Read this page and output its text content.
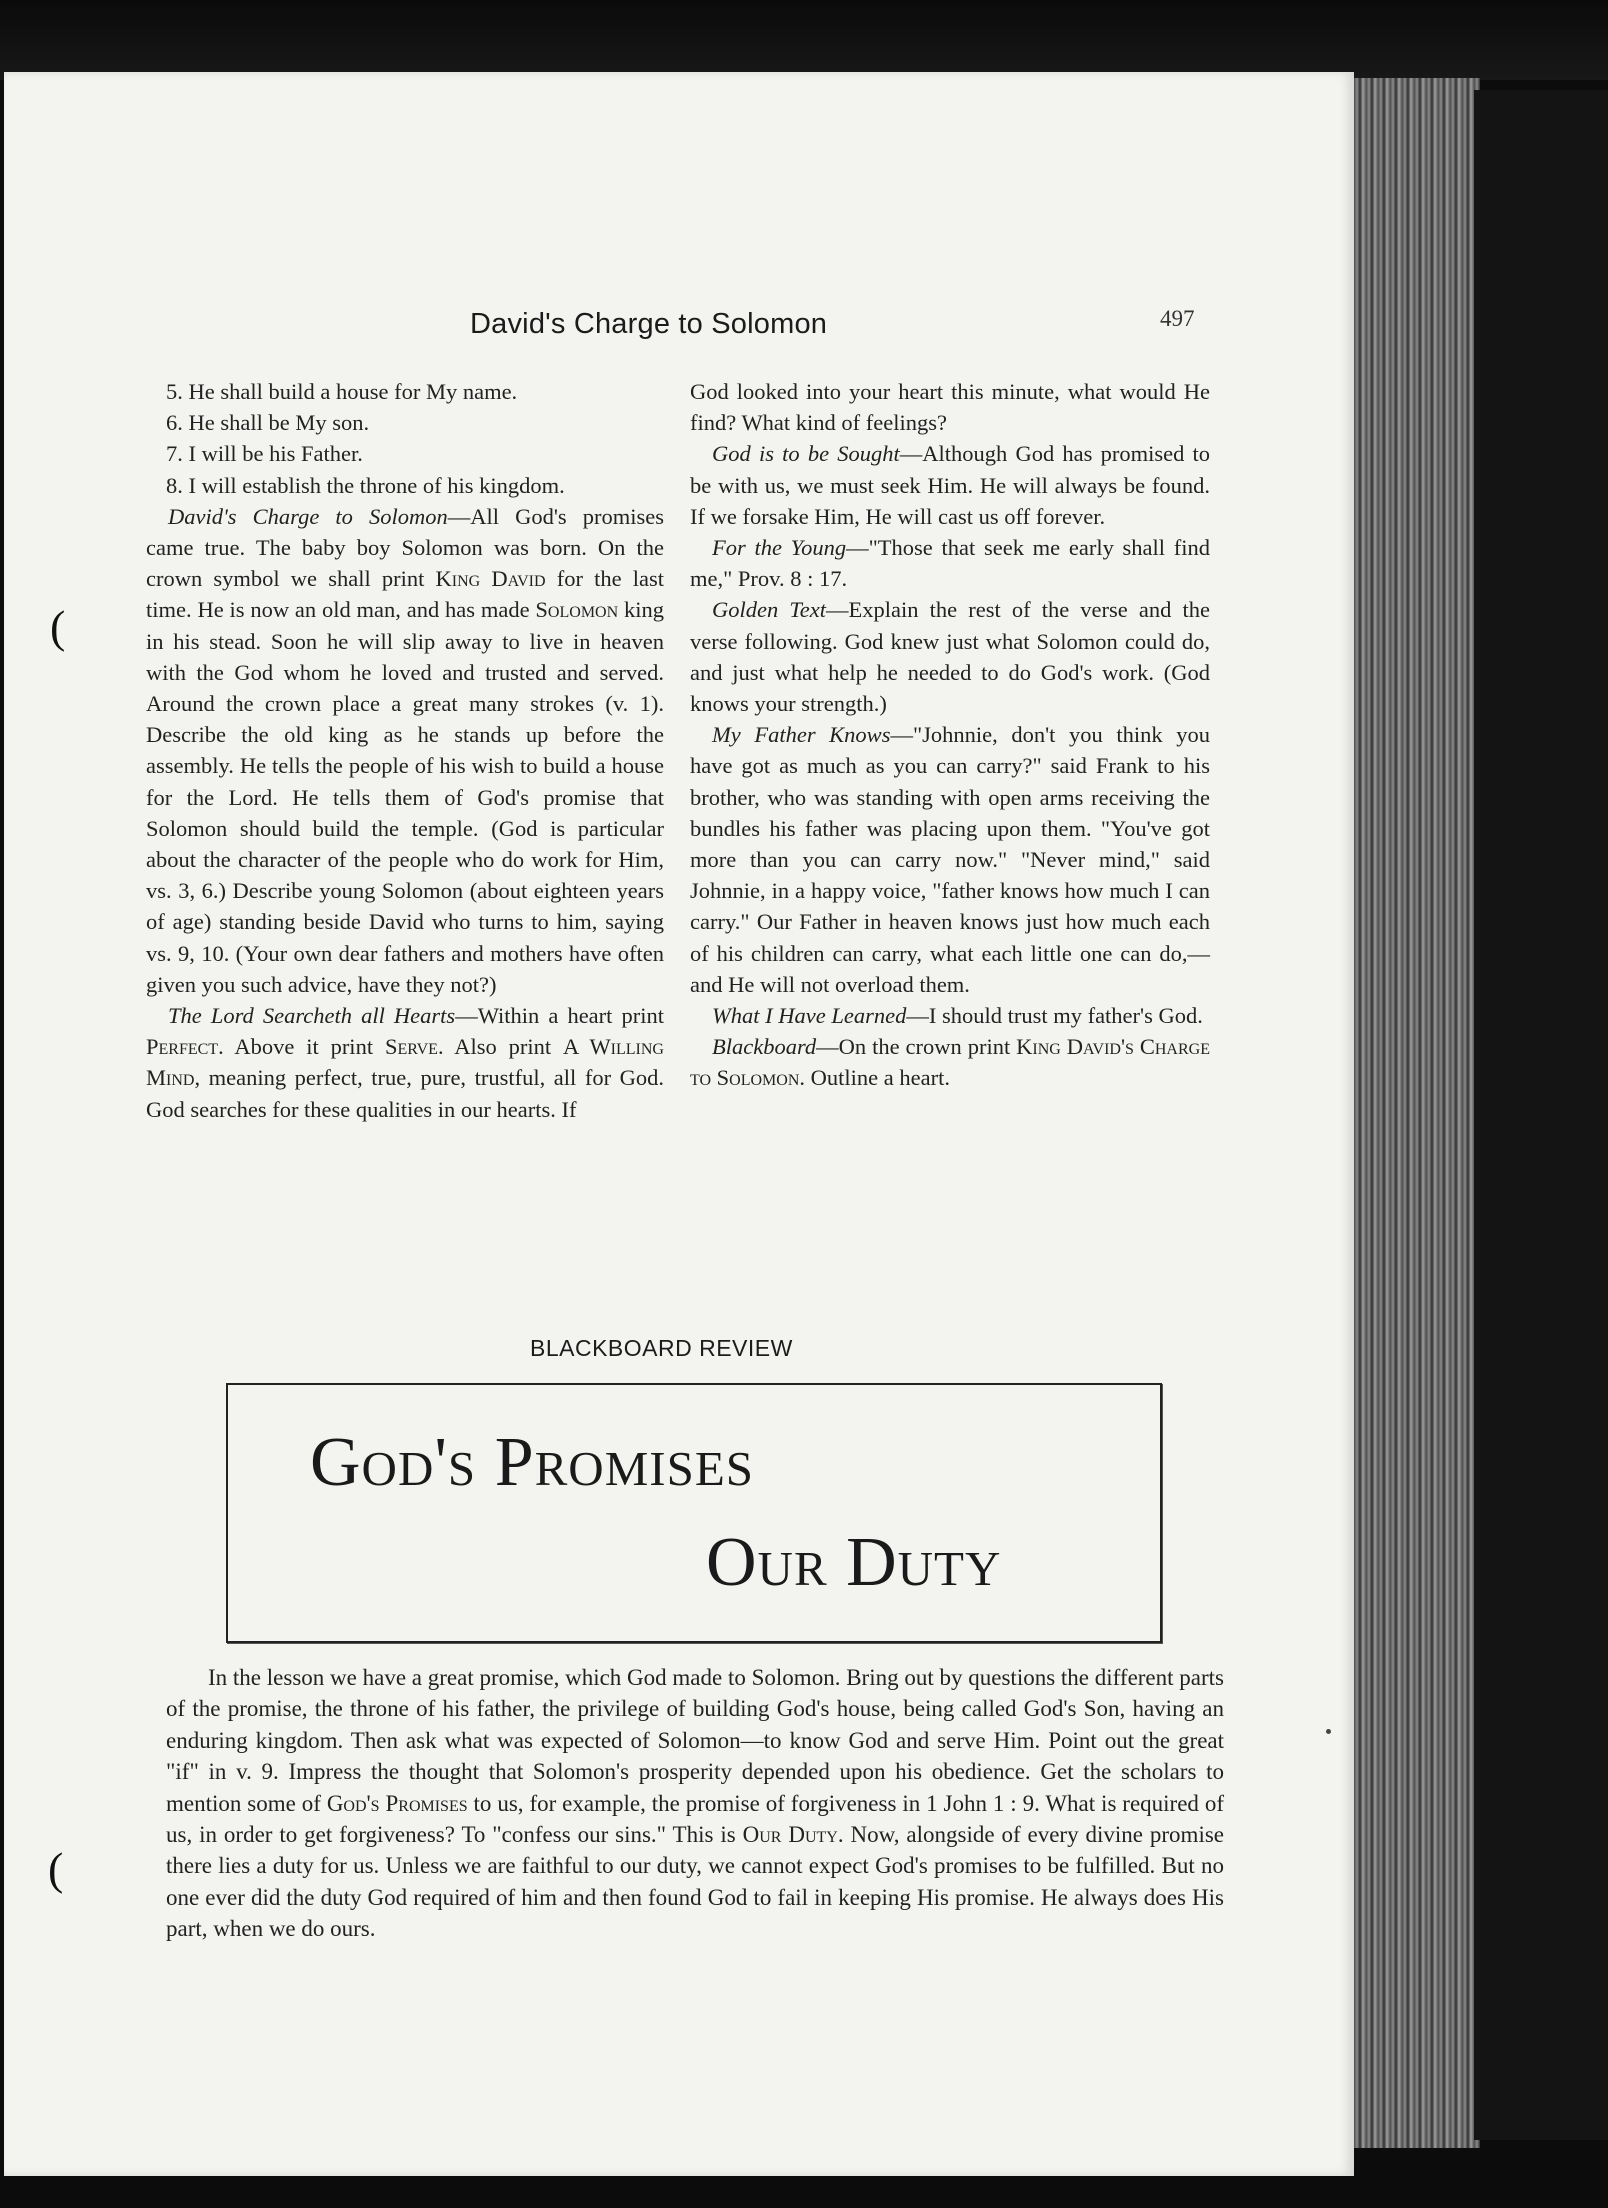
David's Charge to Solomon	497
5. He shall build a house for My name.
6. He shall be My son.
7. I will be his Father.
8. I will establish the throne of his kingdom.

David's Charge to Solomon—All God's promises came true. The baby boy Solomon was born. On the crown symbol we shall print King David for the last time. He is now an old man, and has made Solomon king in his stead. Soon he will slip away to live in heaven with the God whom he loved and trusted and served. Around the crown place a great many strokes (v. 1). Describe the old king as he stands up before the assembly. He tells the people of his wish to build a house for the Lord. He tells them of God's promise that Solomon should build the temple. (God is particular about the character of the people who do work for Him, vs. 3, 6.) Describe young Solomon (about eighteen years of age) standing beside David who turns to him, saying vs. 9, 10. (Your own dear fathers and mothers have often given you such advice, have they not?)

The Lord Searcheth all Hearts—Within a heart print Perfect. Above it print Serve. Also print A Willing Mind, meaning perfect, true, pure, trustful, all for God. God searches for these qualities in our hearts. If

God looked into your heart this minute, what would He find? What kind of feelings?

God is to be Sought—Although God has promised to be with us, we must seek Him. He will always be found. If we forsake Him, He will cast us off forever.

For the Young—"Those that seek me early shall find me," Prov. 8 : 17.

Golden Text—Explain the rest of the verse and the verse following. God knew just what Solomon could do, and just what help he needed to do God's work. (God knows your strength.)

My Father Knows—"Johnnie, don't you think you have got as much as you can carry?" said Frank to his brother, who was standing with open arms receiving the bundles his father was placing upon them. "You've got more than you can carry now." "Never mind," said Johnnie, in a happy voice, "father knows how much I can carry." Our Father in heaven knows just how much each of his children can carry, what each little one can do,—and He will not overload them.

What I Have Learned—I should trust my father's God.

Blackboard—On the crown print King David's Charge to Solomon. Outline a heart.

BLACKBOARD REVIEW
God's Promises
Our Duty
In the lesson we have a great promise, which God made to Solomon. Bring out by questions the different parts of the promise, the throne of his father, the privilege of building God's house, being called God's Son, having an enduring kingdom. Then ask what was expected of Solomon—to know God and serve Him. Point out the great "if" in v. 9. Impress the thought that Solomon's prosperity depended upon his obedience. Get the scholars to mention some of God's Promises to us, for example, the promise of forgiveness in 1 John 1 : 9. What is required of us, in order to get forgiveness? To "confess our sins." This is Our Duty. Now, alongside of every divine promise there lies a duty for us. Unless we are faithful to our duty, we cannot expect God's promises to be fulfilled. But no one ever did the duty God required of him and then found God to fail in keeping His promise. He always does His part, when we do ours.
(
(
